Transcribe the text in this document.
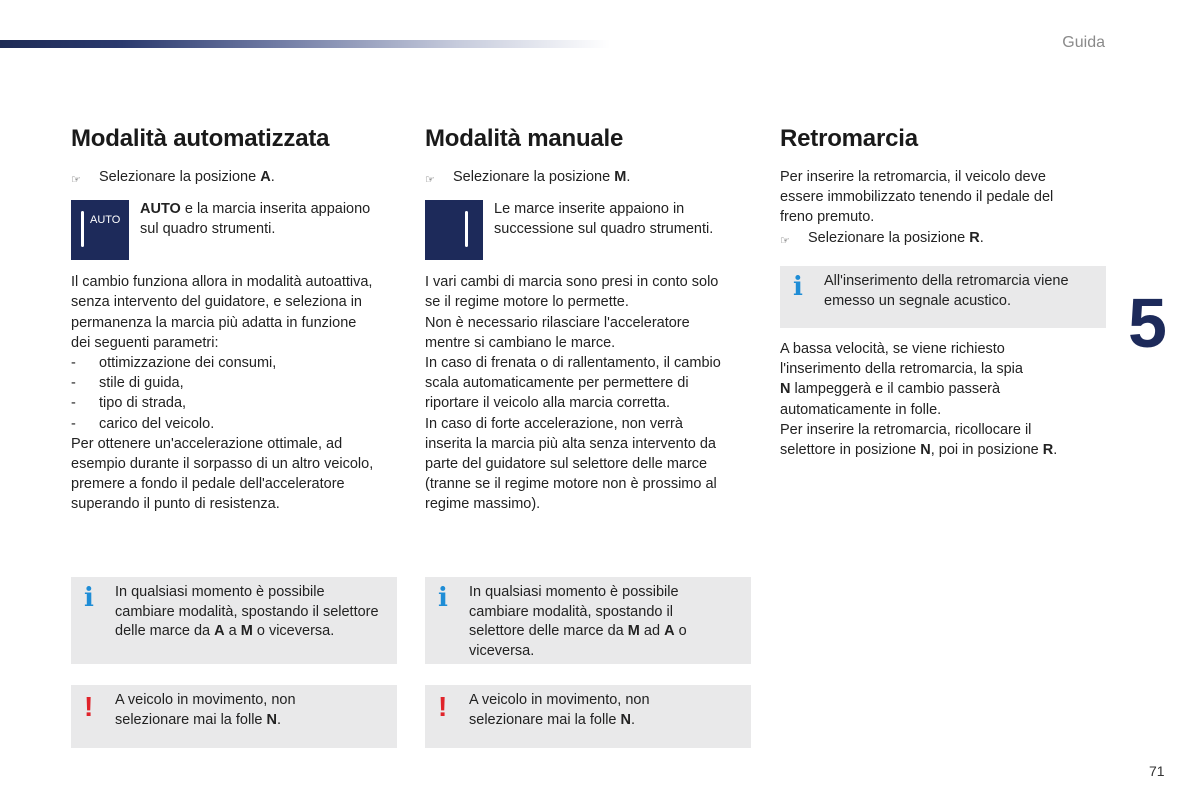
Guida
Modalità automatizzata
☞	Selezionare la posizione A.
AUTO
AUTO e la marcia inserita appaiono
sul quadro strumenti.

Il cambio funziona allora in modalità autoattiva,

senza intervento del guidatore, e seleziona in

permanenza la marcia più adatta in funzione

dei seguenti parametri:

-	ottimizzazione dei consumi,
-	stile di guida,
-	tipo di strada,
-	carico del veicolo.

Per ottenere un'accelerazione ottimale, ad

esempio durante il sorpasso di un altro veicolo,

premere a fondo il pedale dell'acceleratore

superando il punto di resistenza.

i In qualsiasi momento è possibile
cambiare modalità, spostando il selettore
delle marce da A a M o viceversa.
! A veicolo in movimento, non
selezionare mai la folle N.
Modalità manuale
☞	Selezionare la posizione M.
Le marce inserite appaiono in
successione sul quadro strumenti.

I vari cambi di marcia sono presi in conto solo

se il regime motore lo permette.

Non è necessario rilasciare l'acceleratore

mentre si cambiano le marce.

In caso di frenata o di rallentamento, il cambio

scala automaticamente per permettere di

riportare il veicolo alla marcia corretta.

In caso di forte accelerazione, non verrà

inserita la marcia più alta senza intervento da

parte del guidatore sul selettore delle marce

(tranne se il regime motore non è prossimo al

regime massimo).

i In qualsiasi momento è possibile
cambiare modalità, spostando il
selettore delle marce da M ad A o
viceversa.
! A veicolo in movimento, non
selezionare mai la folle N.
Retromarcia

Per inserire la retromarcia, il veicolo deve

essere immobilizzato tenendo il pedale del

freno premuto.

☞	Selezionare la posizione R.
i All'inserimento della retromarcia viene
emesso un segnale acustico.

A bassa velocità, se viene richiesto

l'inserimento della retromarcia, la spia

N lampeggerà e il cambio passerà

automaticamente in folle.

Per inserire la retromarcia, ricollocare il

selettore in posizione N, poi in posizione R.

5
71
